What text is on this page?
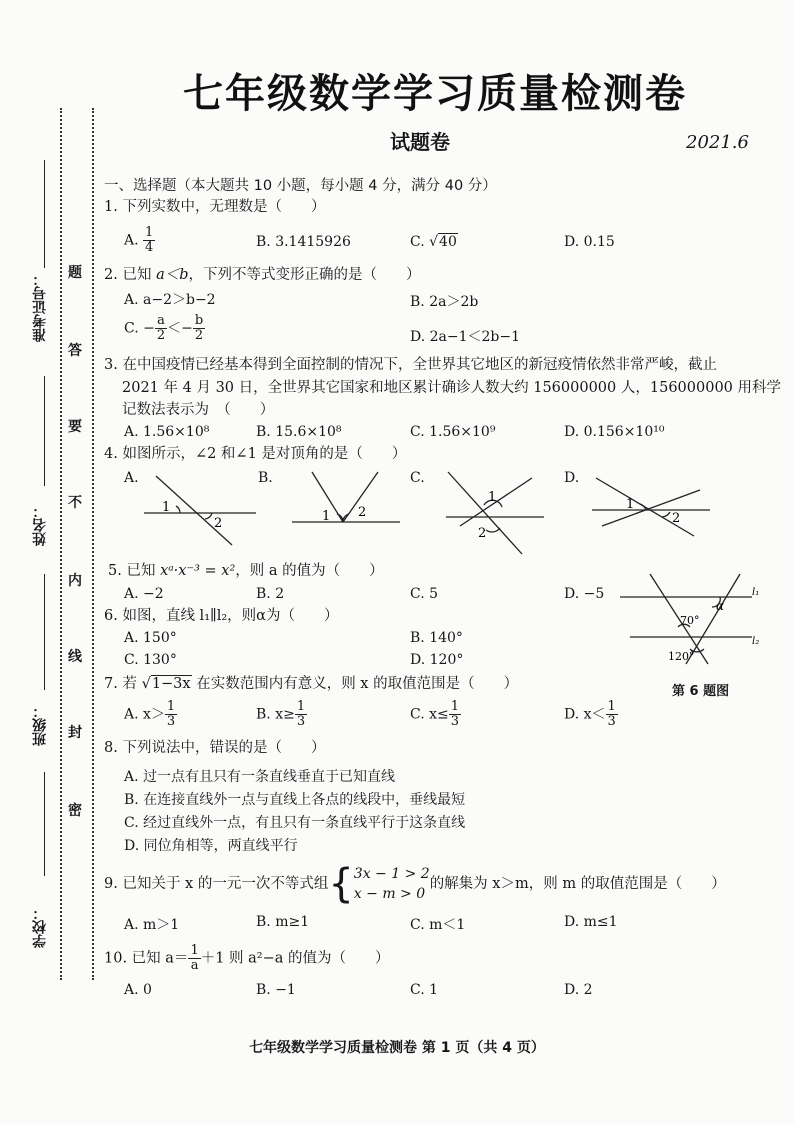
七年级数学学习质量检测卷
试题卷	2021.6
准考证号：
姓名：
班级：
学校：
题
答
要
不
内
线
封
密
一、选择题（本大题共 10 小题，每小题 4 分，满分 40 分）
1. 下列实数中，无理数是（　　）
A. $\frac{1}{4}$	B. 3.1415926	C. √40	D. 0.15
2. 已知 a＜b，下列不等式变形正确的是（　　）
A. a−2＞b−2	B. 2a＞2b
C. − $\frac{a}{2} <- \frac{b}{2}$	D. 2a−1＜2b−1
3. 在中国疫情已经基本得到全面控制的情况下，全世界其它地区的新冠疫情依然非常严峻，截止
2021 年 4 月 30 日，全世界其它国家和地区累计确诊人数大约 156000000 人，156000000 用科学
记数法表示为　（　　）
A. 1.56×10⁸	B. 15.6×10⁸	C. 1.56×10⁹	D. 0.156×10¹⁰
4. 如图所示，∠2 和∠1 是对顶角的是（　　）
A.	B.	C.	D.
1
2	1 2
1
2
1
2
α
70°
120°
l₁
l₂
5. 已知 xᵃ·x⁻³ = x²，则 a 的值为（　　）
A. −2	B. 2	C. 5	D. −5
6. 如图，直线 l₁∥l₂，则α为（　　）
A. 150°	B. 140°
C. 130°	D. 120°
第 6 题图
7. 若 √1−3x 在实数范围内有意义，则 x 的取值范围是（　　）
A. $x> \frac{1}{3}$	B. $x\ge \frac{1}{3}$	C. $x\le \frac{1}{3}$	D. $x< \frac{1}{3}$
8. 下列说法中，错误的是（　　）
A. 过一点有且只有一条直线垂直于已知直线
B. 在连接直线外一点与直线上各点的线段中，垂线最短
C. 经过直线外一点，有且只有一条直线平行于这条直线
D. 同位角相等，两直线平行
9. 已知关于 x 的一元一次不等式组{ 3x − 1 > 2
x − m > 0
的解集为 x＞m，则 m 的取值范围是（　　）
A. m＞1	B. m≥1	C. m＜1	D. m≤1
10. 已知 $a= \frac{1}{a} +1$ 则 a²−a 的值为（　　）
A. 0	B. −1	C. 1	D. 2
七年级数学学习质量检测卷 第 1 页（共 4 页）
